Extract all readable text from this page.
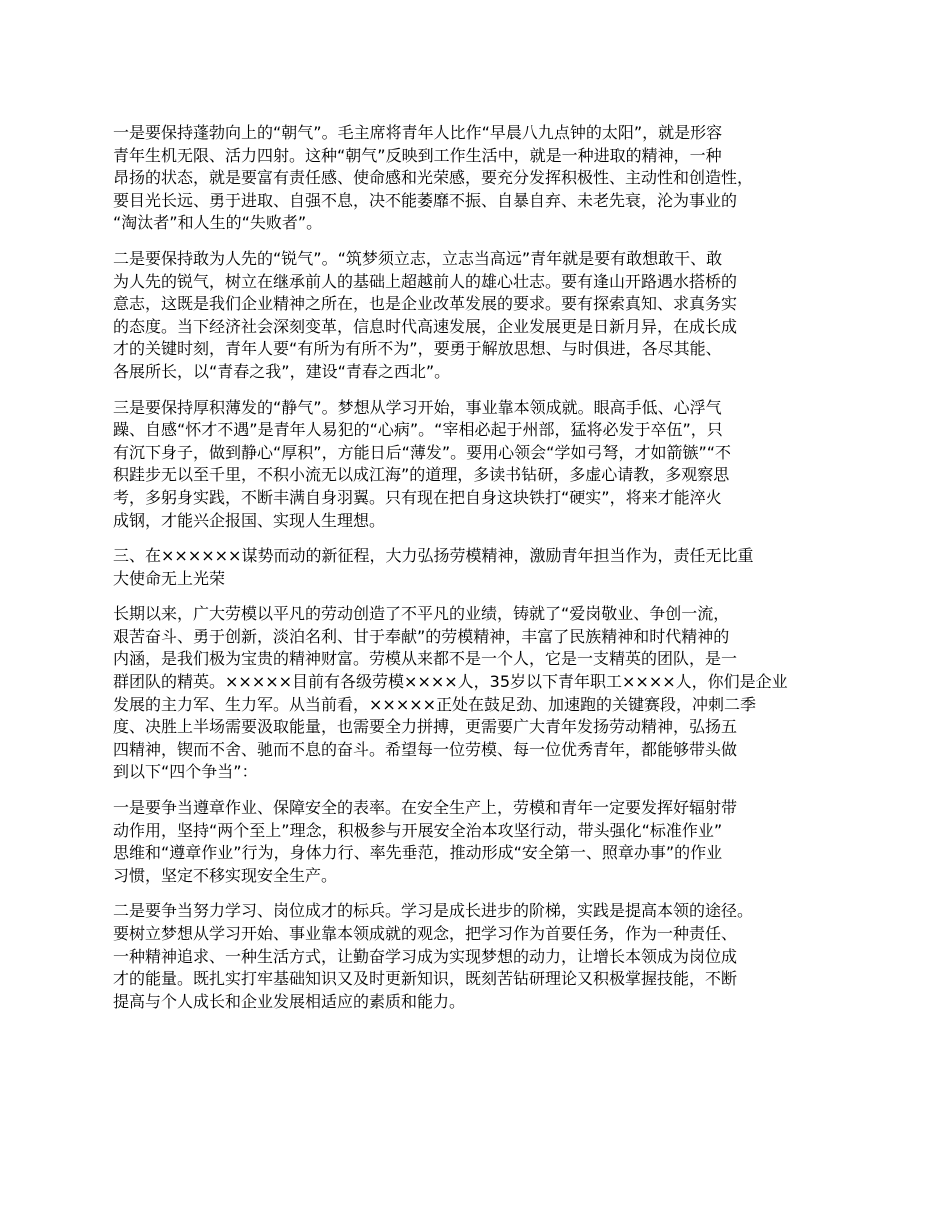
一是要保持蓬勃向上的“朝气”。毛主席将青年人比作“早晨八九点钟的太阳”，就是形容
青年生机无限、活力四射。这种“朝气”反映到工作生活中，就是一种进取的精神，一种
昂扬的状态，就是要富有责任感、使命感和光荣感，要充分发挥积极性、主动性和创造性，
要目光长远、勇于进取、自强不息，决不能萎靡不振、自暴自弃、未老先衰，沦为事业的
“淘汰者”和人生的“失败者”。
二是要保持敢为人先的“锐气”。“筑梦须立志，立志当高远”青年就是要有敢想敢干、敢
为人先的锐气，树立在继承前人的基础上超越前人的雄心壮志。要有逢山开路遇水搭桥的
意志，这既是我们企业精神之所在，也是企业改革发展的要求。要有探索真知、求真务实
的态度。当下经济社会深刻变革，信息时代高速发展，企业发展更是日新月异，在成长成
才的关键时刻，青年人要“有所为有所不为”，要勇于解放思想、与时俱进，各尽其能、
各展所长，以“青春之我”，建设“青春之西北”。
三是要保持厚积薄发的“静气”。梦想从学习开始，事业靠本领成就。眼高手低、心浮气
躁、自感“怀才不遇”是青年人易犯的“心病”。“宰相必起于州部，猛将必发于卒伍”，只
有沉下身子，做到静心“厚积”，方能日后“薄发”。要用心领会“学如弓弩，才如箭镞”“不
积跬步无以至千里，不积小流无以成江海”的道理，多读书钻研，多虚心请教，多观察思
考，多躬身实践，不断丰满自身羽翼。只有现在把自身这块铁打“硬实”，将来才能淬火
成钢，才能兴企报国、实现人生理想。
三、在××××××谋势而动的新征程，大力弘扬劳模精神，激励青年担当作为，责任无比重
大使命无上光荣
长期以来，广大劳模以平凡的劳动创造了不平凡的业绩，铸就了“爱岗敬业、争创一流，
艰苦奋斗、勇于创新，淡泊名利、甘于奉献”的劳模精神，丰富了民族精神和时代精神的
内涵，是我们极为宝贵的精神财富。劳模从来都不是一个人，它是一支精英的团队，是一
群团队的精英。×××××目前有各级劳模××××人，35岁以下青年职工××××人，你们是企业
发展的主力军、生力军。从当前看，×××××正处在鼓足劲、加速跑的关键赛段，冲刺二季
度、决胜上半场需要汲取能量，也需要全力拼搏，更需要广大青年发扬劳动精神，弘扬五
四精神，锲而不舍、驰而不息的奋斗。希望每一位劳模、每一位优秀青年，都能够带头做
到以下“四个争当”：
一是要争当遵章作业、保障安全的表率。在安全生产上，劳模和青年一定要发挥好辐射带
动作用，坚持“两个至上”理念，积极参与开展安全治本攻坚行动，带头强化“标准作业”
思维和“遵章作业”行为，身体力行、率先垂范，推动形成“安全第一、照章办事”的作业
习惯，坚定不移实现安全生产。
二是要争当努力学习、岗位成才的标兵。学习是成长进步的阶梯，实践是提高本领的途径。
要树立梦想从学习开始、事业靠本领成就的观念，把学习作为首要任务，作为一种责任、
一种精神追求、一种生活方式，让勤奋学习成为实现梦想的动力，让增长本领成为岗位成
才的能量。既扎实打牢基础知识又及时更新知识，既刻苦钻研理论又积极掌握技能，不断
提高与个人成长和企业发展相适应的素质和能力。
